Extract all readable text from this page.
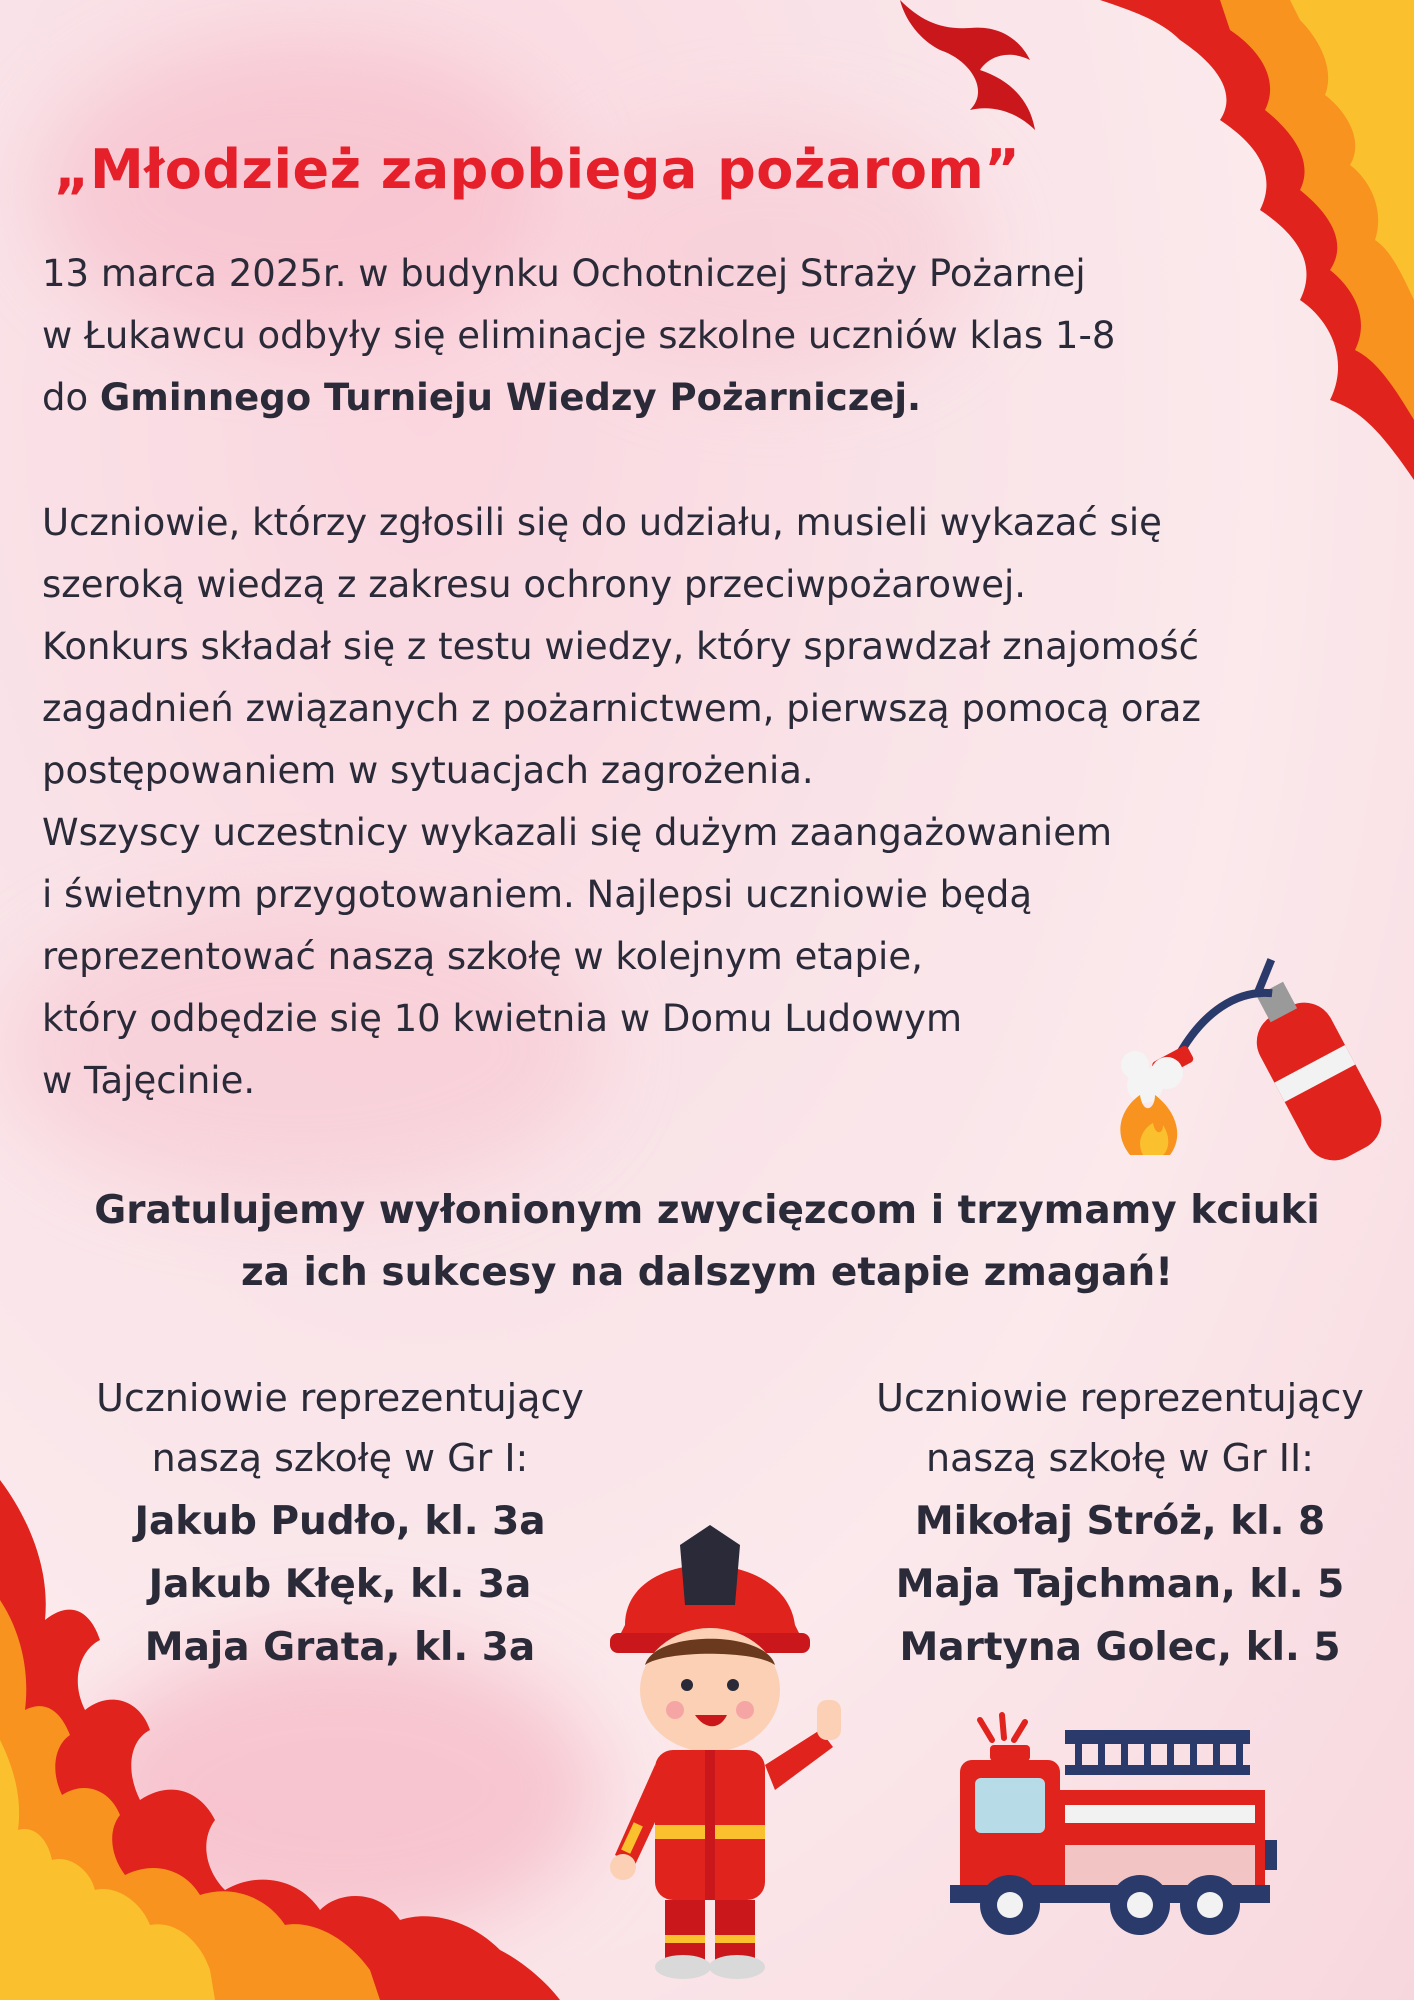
„Młodzież zapobiega pożarom”

13 marca 2025r. w budynku Ochotniczej Straży Pożarnej
w Łukawcu odbyły się eliminacje szkolne uczniów klas 1-8
do Gminnego Turnieju Wiedzy Pożarniczej.

Uczniowie, którzy zgłosili się do udziału, musieli wykazać się
szeroką wiedzą z zakresu ochrony przeciwpożarowej.
Konkurs składał się z testu wiedzy, który sprawdzał znajomość
zagadnień związanych z pożarnictwem, pierwszą pomocą oraz
postępowaniem w sytuacjach zagrożenia.
Wszyscy uczestnicy wykazali się dużym zaangażowaniem
i świetnym przygotowaniem. Najlepsi uczniowie będą
reprezentować naszą szkołę w kolejnym etapie,
który odbędzie się 10 kwietnia w Domu Ludowym
w Tajęcinie.

Gratulujemy wyłonionym zwycięzcom i trzymamy kciuki
za ich sukcesy na dalszym etapie zmagań!

Uczniowie reprezentujący
naszą szkołę w Gr I:

Jakub Pudło, kl. 3a
Jakub Kłęk, kl. 3a
Maja Grata, kl. 3a

Uczniowie reprezentujący
naszą szkołę w Gr II:

Mikołaj Stróż, kl. 8
Maja Tajchman, kl. 5
Martyna Golec, kl. 5
